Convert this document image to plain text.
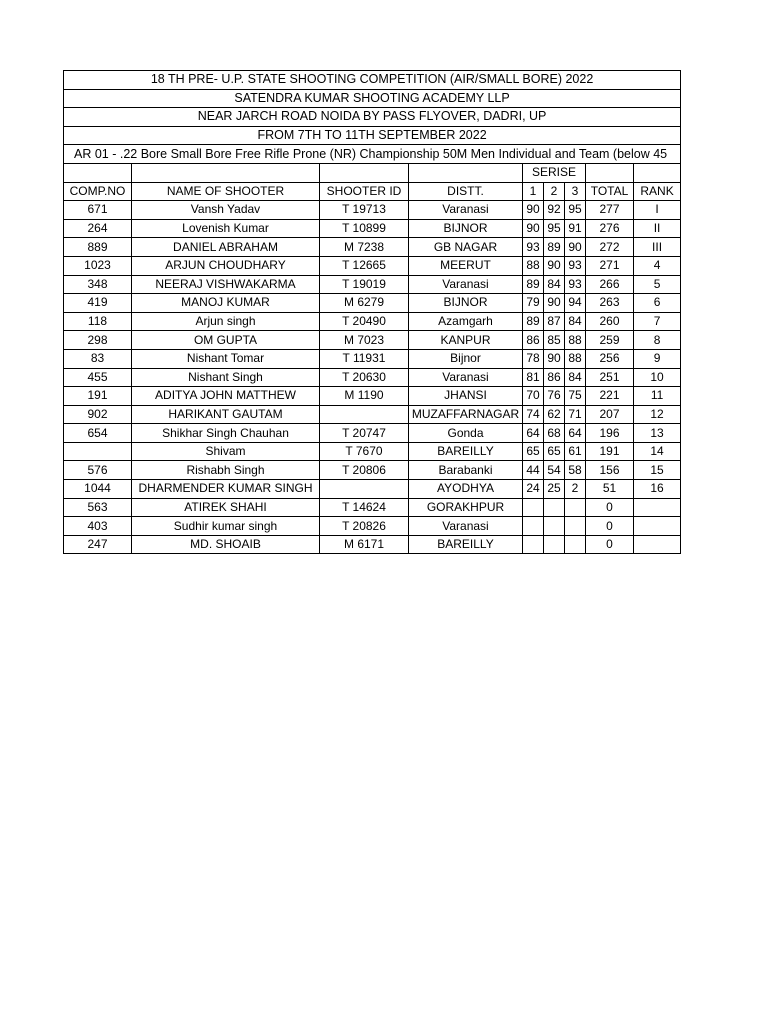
18 TH PRE- U.P. STATE SHOOTING COMPETITION (AIR/SMALL BORE) 2022								
SATENDRA KUMAR SHOOTING ACADEMY LLP								
NEAR JARCH ROAD NOIDA BY PASS FLYOVER, DADRI, UP								
FROM 7TH TO 11TH SEPTEMBER 2022								
AR 01 - .22 Bore Small Bore Free Rifle Prone (NR) Championship 50M Men Individual and Team (below 45								
				SERISE				
COMP.NO	NAME OF SHOOTER	SHOOTER ID	DISTT.	1	2	3	TOTAL	RANK
671	Vansh Yadav	T 19713	Varanasi	90	92	95	277	I
264	Lovenish Kumar	T 10899	BIJNOR	90	95	91	276	II
889	DANIEL ABRAHAM	M 7238	GB NAGAR	93	89	90	272	III
1023	ARJUN CHOUDHARY	T 12665	MEERUT	88	90	93	271	4
348	NEERAJ VISHWAKARMA	T 19019	Varanasi	89	84	93	266	5
419	MANOJ KUMAR	M 6279	BIJNOR	79	90	94	263	6
118	Arjun singh	T 20490	Azamgarh	89	87	84	260	7
298	OM GUPTA	M 7023	KANPUR	86	85	88	259	8
83	Nishant Tomar	T 11931	Bijnor	78	90	88	256	9
455	Nishant Singh	T 20630	Varanasi	81	86	84	251	10
191	ADITYA JOHN MATTHEW	M 1190	JHANSI	70	76	75	221	11
902	HARIKANT GAUTAM		MUZAFFARNAGAR	74	62	71	207	12
654	Shikhar Singh Chauhan	T 20747	Gonda	64	68	64	196	13
	Shivam	T 7670	BAREILLY	65	65	61	191	14
576	Rishabh Singh	T 20806	Barabanki	44	54	58	156	15
1044	DHARMENDER KUMAR SINGH		AYODHYA	24	25	2	51	16
563	ATIREK SHAHI	T 14624	GORAKHPUR				0	
403	Sudhir kumar singh	T 20826	Varanasi				0	
247	MD. SHOAIB	M 6171	BAREILLY				0	
